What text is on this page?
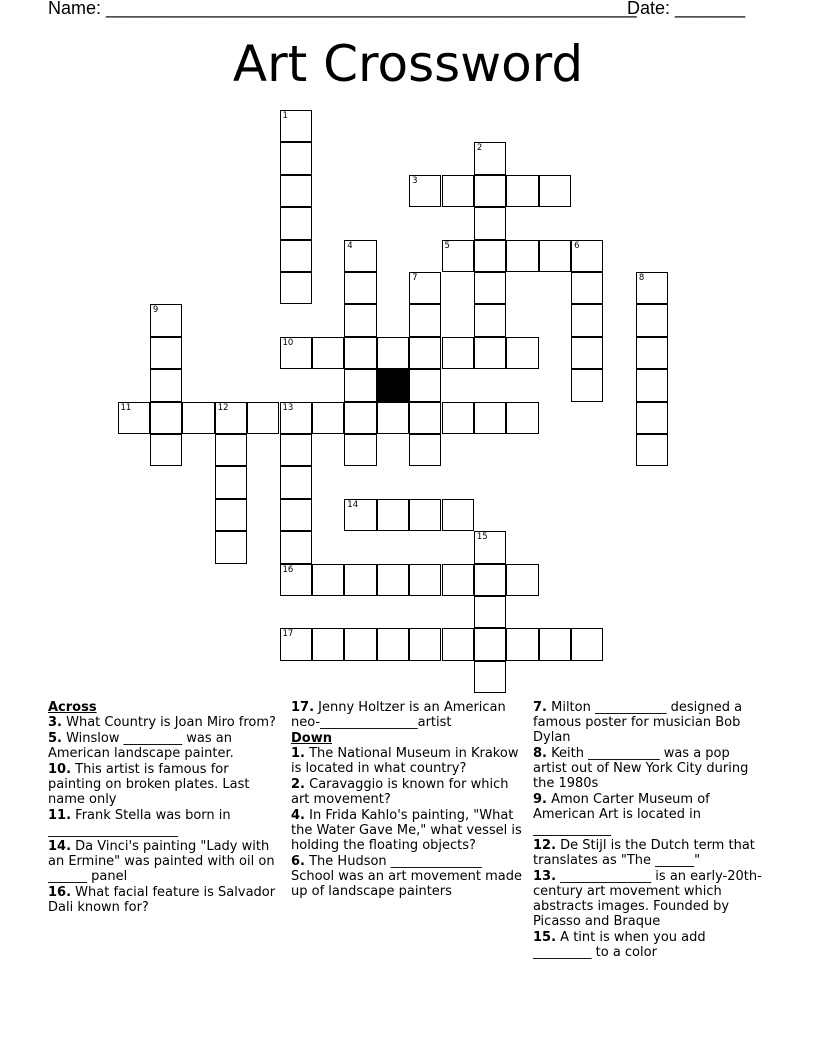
Name: _____________________________________________________
Date: _______
Art Crossword
1
2
3
4	5	6
7	8
9
10
11	12	13
14
15
16
17
Across
3. What Country is Joan Miro from?
5. Winslow _________ was an American landscape painter.
10. This artist is famous for painting on broken plates. Last name only
11. Frank Stella was born in ____________________
14. Da Vinci's painting "Lady with an Ermine" was painted with oil on ______ panel
16. What facial feature is Salvador Dali known for?
17. Jenny Holtzer is an American neo-_______________artist
Down
1. The National Museum in Krakow is located in what country?
2. Caravaggio is known for which art movement?
4. In Frida Kahlo's painting, "What the Water Gave Me," what vessel is holding the floating objects?
6. The Hudson ______________ School was an art movement made up of landscape painters
7. Milton ___________ designed a famous poster for musician Bob Dylan
8. Keith ___________ was a pop artist out of New York City during the 1980s
9. Amon Carter Museum of American Art is located in ____________
12. De Stijl is the Dutch term that translates as "The ______"
13. ______________ is an early-20th-century art movement which abstracts images. Founded by Picasso and Braque
15. A tint is when you add _________ to a color
